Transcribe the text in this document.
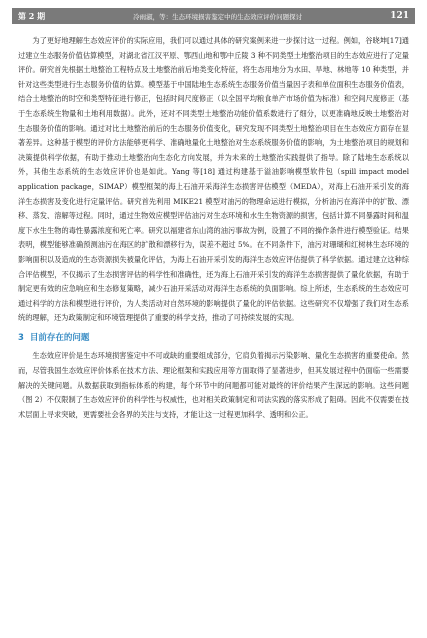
第 2 期	冷雨淑，等：生态环境损害鉴定中的生态效应评价问题探讨	121

为了更好地理解生态效应评价的实际应用，我们可以通过具体的研究案例来进一步探讨这一过程。例如，谷晓坤[17]通过建立生态服务价值估算模型，对湖北省江汉平原、鄂西山地和鄂中丘陵 3 种不同类型土地整治项目的生态效应进行了定量评价。研究首先根据土地整治工程特点及土地整治前后地类变化特征，将生态用地分为水田、旱地、林地等 10 种类型，并针对这些类型进行生态服务价值的估算。模型基于中国陆地生态系统生态服务价值当量因子表和单位面积生态服务价值表，结合土地整治的时空和类型特征进行修正，包括时间尺度修正（以全国平均粮食单产市场价值为标准）和空间尺度修正（基于生态系统生物量和土地利用数据）。此外，还对不同类型土地整治功能价值系数进行了细分，以更准确地反映土地整治对生态服务价值的影响。通过对比土地整治前后的生态服务价值变化，研究发现不同类型土地整治项目在生态效应方面存在显著差异。这种基于模型的评价方法能够更科学、准确地量化土地整治对生态系统服务价值的影响，为土地整治项目的规划和决策提供科学依据，有助于推动土地整治向生态化方向发展，并为未来的土地整治实践提供了指导。除了陆地生态系统以外，其他生态系统的生态效应评价也是如此。Yang 等[18] 通过构建基于溢油影响模型软件包（spill impact model application package，SIMAP）模型框架的海上石油开采海洋生态损害评估模型（MEDA），对海上石油开采引发的海洋生态损害及变化进行定量评估。研究首先利用 MIKE21 模型对油污的物理命运进行模拟，分析油污在海洋中的扩散、漂移、蒸发、溶解等过程。同时，通过生物效应模型评估油污对生态环境和水生生物资源的损害，包括计算不同暴露时间和温度下水生生物的毒性暴露浓度和死亡率。研究以福建省东山湾的油污事故为例，设置了不同的操作条件进行模型验证。结果表明，模型能够准确预测油污在海区的扩散和漂移行为，误差不超过 5%。在不同条件下，油污对珊瑚和红树林生态环境的影响面积以及造成的生态资源损失被量化评估，为海上石油开采引发的海洋生态效应评估提供了科学依据。通过建立这种综合评估模型，不仅揭示了生态损害评估的科学性和准确性，还为海上石油开采引发的海洋生态损害提供了量化依据，有助于制定更有效的应急响应和生态修复策略，减少石油开采活动对海洋生态系统的负面影响。综上所述，生态系统的生态效应可通过科学的方法和模型进行评价，为人类活动对自然环境的影响提供了量化的评估依据。这些研究不仅增强了我们对生态系统的理解，还为政策制定和环境管理提供了重要的科学支持，推动了可持续发展的实现。

3 目前存在的问题

生态效应评价是生态环境损害鉴定中不可或缺的重要组成部分，它肩负着揭示污染影响、量化生态损害的重要使命。然而，尽管我国生态效应评价体系在技术方法、理论框架和实践应用等方面取得了显著进步，但其发展过程中仍面临一些需要解决的关键问题。从数据获取到指标体系的构建，每个环节中的问题都可能对最终的评价结果产生深远的影响。这些问题（图 2）不仅限制了生态效应评价的科学性与权威性，也对相关政策制定和司法实践的落实形成了阻碍。因此不仅需要在技术层面上寻求突破，更需要社会各界的关注与支持，才能让这一过程更加科学、透明和公正。
